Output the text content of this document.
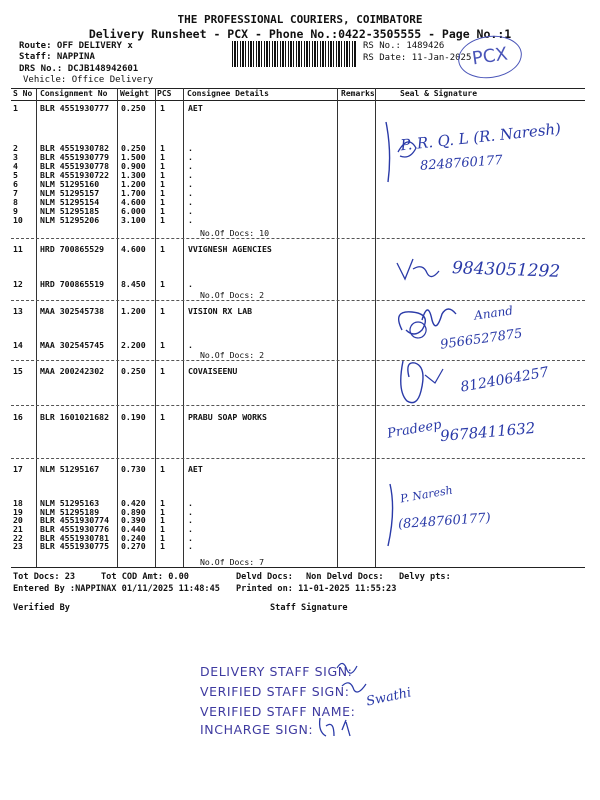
THE PROFESSIONAL COURIERS, COIMBATORE
Delivery Runsheet - PCX - Phone No.:0422-3505555 - Page No.:1
Route: OFF DELIVERY x
Staff: NAPPINA
DRS No.: DCJB148942601
Vehicle: Office Delivery
RS No.: 1489426
RS Date: 11-Jan-2025 PCX
S No Consignment No Weight PCS Consignee Details	Remarks	Seal & Signature
1	BLR 4551930777 0.250 1	AET
2	BLR 4551930782 0.250 1	.
3	BLR 4551930779 1.500 1	.
4	BLR 4551930778 0.900 1	.
5	BLR 4551930722 1.300 1	.
6	NLM 51295160	1.200 1	.
7	NLM 51295157	1.700 1	.
8	NLM 51295154	4.600 1	.
9	NLM 51295185	6.000 1	.
10 NLM 51295206	3.100 1	.
11 HRD 700865529 4.600 1	VVIGNESH AGENCIES
12 HRD 700865519 8.450 1	.
13 MAA 302545738 1.200 1	VISION RX LAB
14 MAA 302545745 2.200 1	.
15 MAA 200242302 0.250 1	COVAISEENU
16 BLR 1601021682 0.190 1	PRABU SOAP WORKS
17 NLM 51295167	0.730 1	AET
18 NLM 51295163	0.420 1	.
19 NLM 51295189	0.890 1	.
20 BLR 4551930774 0.390 1	.
21 BLR 4551930776 0.440 1	.
22 BLR 4551930781 0.240 1	.
23 BLR 4551930775 0.270 1	.
No.Of Docs: 10
No.Of Docs: 2
No.Of Docs: 2
No.Of Docs: 7
P. R. Q. L (R. Naresh)
8248760177
9843051292
Anand
9566527875
8124064257
Pradeep
9678411632
P. Naresh
(8248760177)
Tot Docs: 23	Tot COD Amt: 0.00	Delvd Docs: Non Delvd Docs: Delvy pts:
Entered By :NAPPINAX 01/11/2025 11:48:45 Printed on: 11-01-2025 11:55:23
Verified By	Staff Signature
DELIVERY STAFF SIGN:
VERIFIED STAFF SIGN:
VERIFIED STAFF NAME:
INCHARGE SIGN:
Swathi
